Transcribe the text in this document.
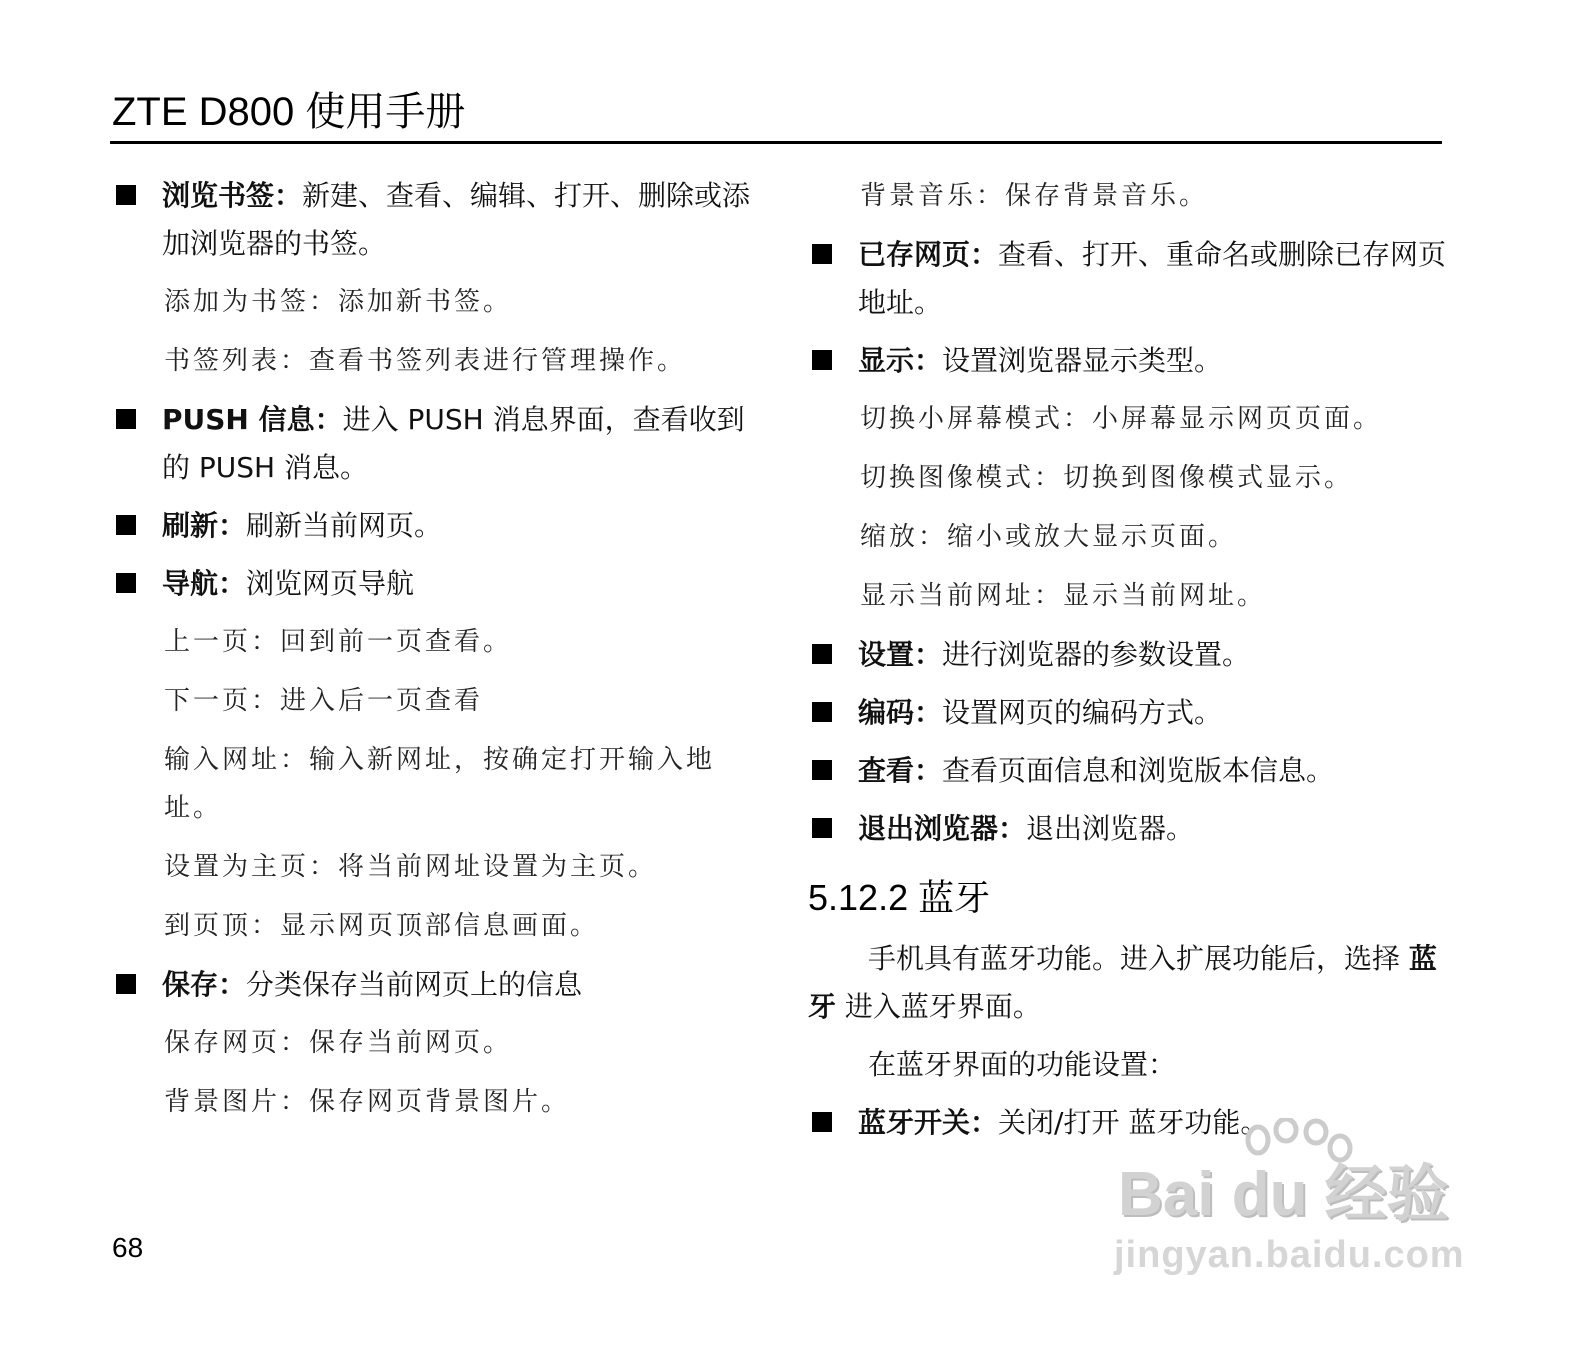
ZTE D800 使用手册
浏览书签：新建、查看、编辑、打开、删除或添加浏览器的书签。
添加为书签：添加新书签。
书签列表：查看书签列表进行管理操作。
PUSH 信息：进入 PUSH 消息界面，查看收到的 PUSH 消息。
刷新：刷新当前网页。
导航：浏览网页导航
上一页：回到前一页查看。
下一页：进入后一页查看
输入网址：输入新网址，按确定打开输入地址。
设置为主页：将当前网址设置为主页。
到页顶：显示网页顶部信息画面。
保存：分类保存当前网页上的信息
保存网页：保存当前网页。
背景图片：保存网页背景图片。
背景音乐：保存背景音乐。
已存网页：查看、打开、重命名或删除已存网页地址。
显示：设置浏览器显示类型。
切换小屏幕模式：小屏幕显示网页页面。
切换图像模式：切换到图像模式显示。
缩放：缩小或放大显示页面。
显示当前网址：显示当前网址。
设置：进行浏览器的参数设置。
编码：设置网页的编码方式。
查看：查看页面信息和浏览版本信息。
退出浏览器：退出浏览器。
5.12.2 蓝牙
手机具有蓝牙功能。进入扩展功能后，选择 蓝牙 进入蓝牙界面。
在蓝牙界面的功能设置：
蓝牙开关：关闭/打开 蓝牙功能。
68
Bai du 经验
jingyan.baidu.com
